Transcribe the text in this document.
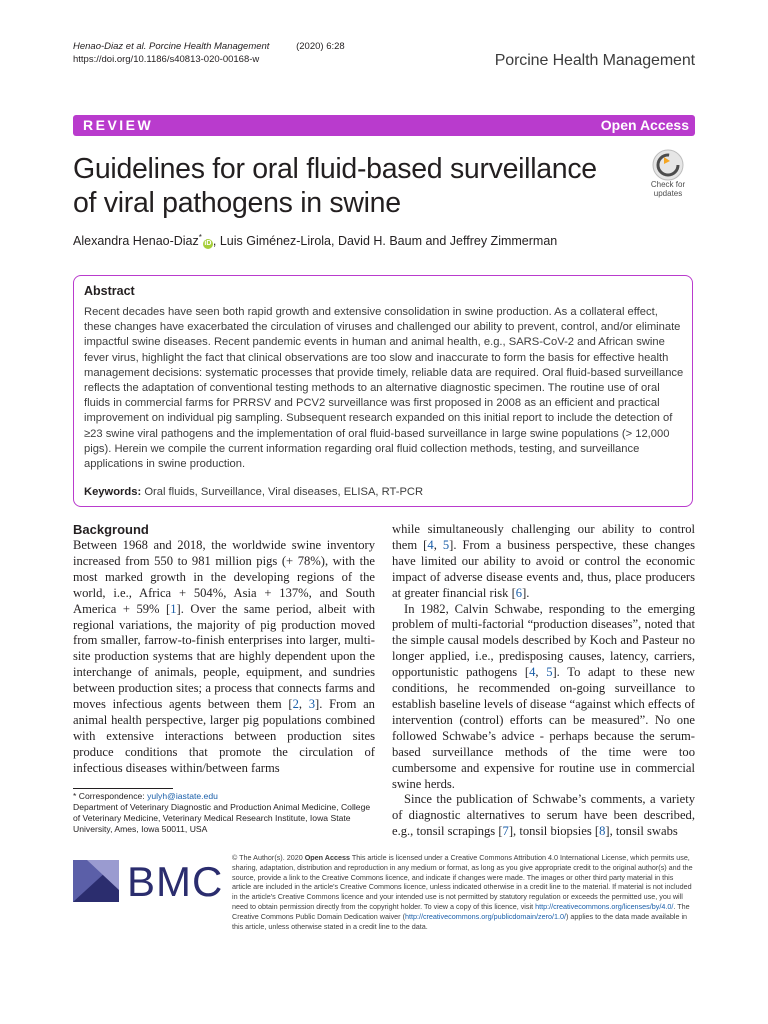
Henao-Diaz et al. Porcine Health Management	(2020) 6:28
https://doi.org/10.1186/s40813-020-00168-w	Porcine Health Management
REVIEW	Open Access
Guidelines for oral fluid-based surveillance
of viral pathogens in swine
Check for
updates
Alexandra Henao-Diaz*iD , Luis Giménez-Lirola, David H. Baum and Jeffrey Zimmerman
Abstract
Recent decades have seen both rapid growth and extensive consolidation in swine production. As a collateral effect, these changes have exacerbated the circulation of viruses and challenged our ability to prevent, control, and/or eliminate impactful swine diseases. Recent pandemic events in human and animal health, e.g., SARS-CoV-2 and African swine fever virus, highlight the fact that clinical observations are too slow and inaccurate to form the basis for effective health management decisions: systematic processes that provide timely, reliable data are required. Oral fluid-based surveillance reflects the adaptation of conventional testing methods to an alternative diagnostic specimen. The routine use of oral fluids in commercial farms for PRRSV and PCV2 surveillance was first proposed in 2008 as an efficient and practical improvement on individual pig sampling. Subsequent research expanded on this initial report to include the detection of ≥23 swine viral pathogens and the implementation of oral fluid-based surveillance in large swine populations (> 12,000 pigs). Herein we compile the current information regarding oral fluid collection methods, testing, and surveillance applications in swine production.
Keywords: Oral fluids, Surveillance, Viral diseases, ELISA, RT-PCR

Background

Between 1968 and 2018, the worldwide swine inventory increased from 550 to 981 million pigs (+ 78%), with the most marked growth in the developing regions of the world, i.e., Africa + 504%, Asia + 137%, and South America + 59% [1]. Over the same period, albeit with regional variations, the majority of pig production moved from smaller, farrow-to-finish enterprises into larger, multi-site production systems that are highly dependent upon the interchange of animals, people, equipment, and sundries between production sites; a process that connects farms and moves infectious agents between them [2, 3]. From an animal health perspective, larger pig populations combined with extensive interactions between production sites produce conditions that promote the circulation of infectious diseases within/between farms

while simultaneously challenging our ability to control them [4, 5]. From a business perspective, these changes have limited our ability to avoid or control the economic impact of adverse disease events and, thus, place producers at greater financial risk [6].

In 1982, Calvin Schwabe, responding to the emerging problem of multi-factorial “production diseases”, noted that the simple causal models described by Koch and Pasteur no longer applied, i.e., predisposing causes, latency, carriers, opportunistic pathogens [4, 5]. To adapt to these new conditions, he recommended on-going surveillance to establish baseline levels of disease “against which effects of intervention (control) efforts can be measured”. No one followed Schwabe’s advice - perhaps because the serum-based surveillance methods of the time were too cumbersome and expensive for routine use in commercial swine herds.

Since the publication of Schwabe’s comments, a variety of diagnostic alternatives to serum have been described, e.g., tonsil scrapings [7], tonsil biopsies [8], tonsil swabs

* Correspondence: yulyh@iastate.edu
Department of Veterinary Diagnostic and Production Animal Medicine, College of Veterinary Medicine, Veterinary Medical Research Institute, Iowa State University, Ames, Iowa 50011, USA
BMC
© The Author(s). 2020 Open Access This article is licensed under a Creative Commons Attribution 4.0 International License, which permits use, sharing, adaptation, distribution and reproduction in any medium or format, as long as you give appropriate credit to the original author(s) and the source, provide a link to the Creative Commons licence, and indicate if changes were made. The images or other third party material in this article are included in the article's Creative Commons licence, unless indicated otherwise in a credit line to the material. If material is not included in the article's Creative Commons licence and your intended use is not permitted by statutory regulation or exceeds the permitted use, you will need to obtain permission directly from the copyright holder. To view a copy of this licence, visit http://creativecommons.org/licenses/by/4.0/. The Creative Commons Public Domain Dedication waiver (http://creativecommons.org/publicdomain/zero/1.0/) applies to the data made available in this article, unless otherwise stated in a credit line to the data.
